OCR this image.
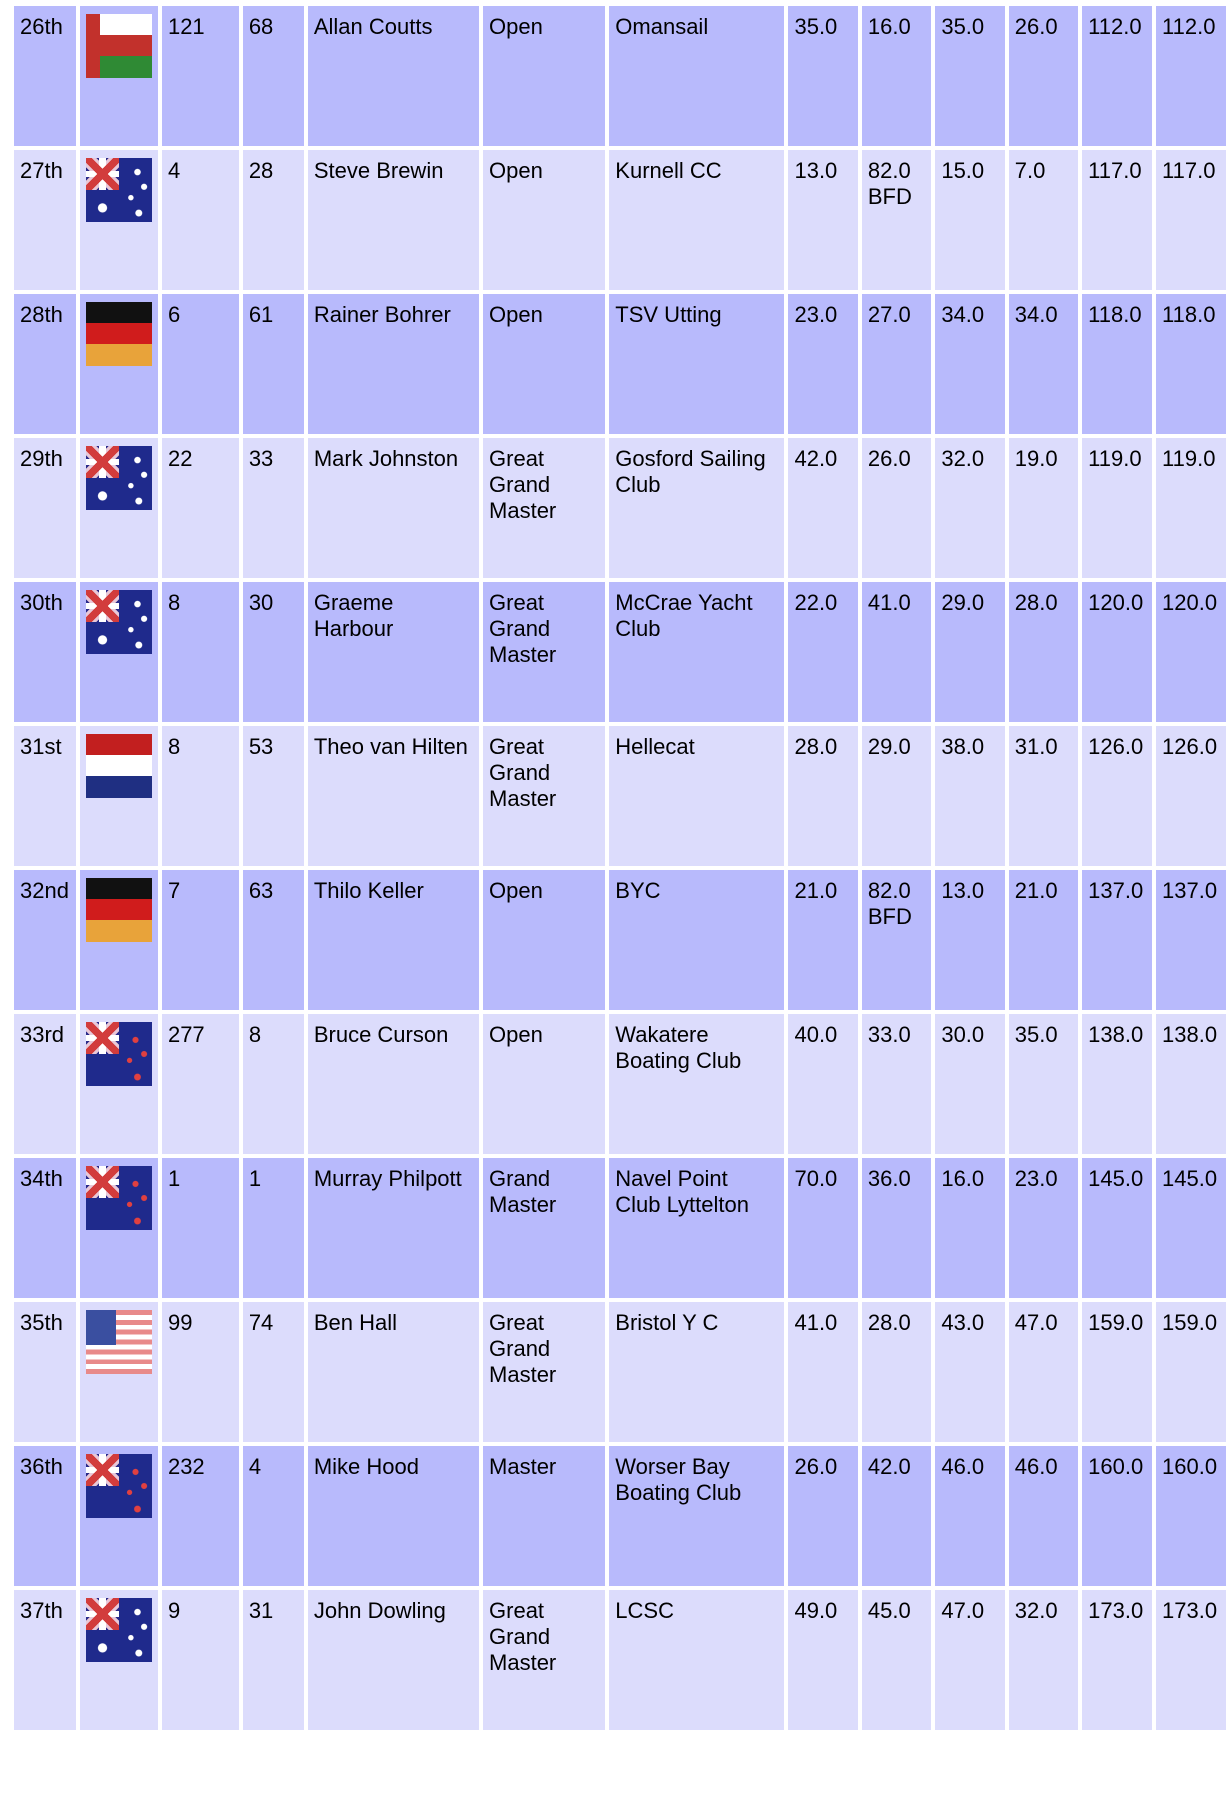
26th		121	68	Allan Coutts	Open	Omansail	35.0	16.0	35.0	26.0	112.0	112.0
27th		4	28	Steve Brewin	Open	Kurnell CC	13.0	82.0 BFD	15.0	7.0	117.0	117.0
28th		6	61	Rainer Bohrer	Open	TSV Utting	23.0	27.0	34.0	34.0	118.0	118.0
29th		22	33	Mark Johnston	Great Grand Master	Gosford Sailing Club	42.0	26.0	32.0	19.0	119.0	119.0
30th		8	30	Graeme Harbour	Great Grand Master	McCrae Yacht Club	22.0	41.0	29.0	28.0	120.0	120.0
31st		8	53	Theo van Hilten	Great Grand Master	Hellecat	28.0	29.0	38.0	31.0	126.0	126.0
32nd		7	63	Thilo Keller	Open	BYC	21.0	82.0 BFD	13.0	21.0	137.0	137.0
33rd		277	8	Bruce Curson	Open	Wakatere Boating Club	40.0	33.0	30.0	35.0	138.0	138.0
34th		1	1	Murray Philpott	Grand Master	Navel Point Club Lyttelton	70.0	36.0	16.0	23.0	145.0	145.0
35th		99	74	Ben Hall	Great Grand Master	Bristol Y C	41.0	28.0	43.0	47.0	159.0	159.0
36th		232	4	Mike Hood	Master	Worser Bay Boating Club	26.0	42.0	46.0	46.0	160.0	160.0
37th		9	31	John Dowling	Great Grand Master	LCSC	49.0	45.0	47.0	32.0	173.0	173.0
